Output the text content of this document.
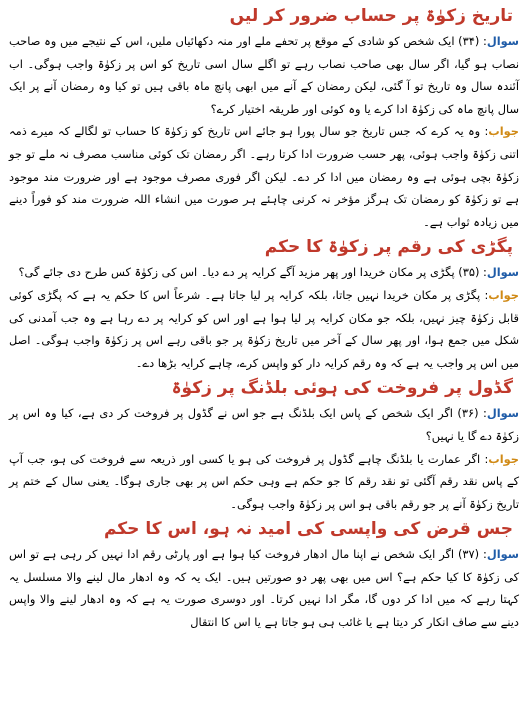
تاریخ زکوٰۃ پر حساب ضرور کر لیں

سوال: (۳۴) ایک شخص کو شادی کے موقع پر تحفے ملے اور منہ دکھائیاں ملیں، اس کے نتیجے میں وہ صاحب نصاب ہو گیا، اگر سال بھی صاحب نصاب رہے تو اگلے سال اسی تاریخ کو اس پر زکوٰۃ واجب ہوگی۔ اب آئندہ سال وہ تاریخ تو آ گئی، لیکن رمضان کے آنے میں ابھی پانچ ماہ باقی ہیں تو کیا وہ رمضان آنے پر ایک سال پانچ ماہ کی زکوٰۃ ادا کرے یا وہ کوئی اور طریقہ اختیار کرے؟

جواب: وہ یہ کرے کہ جس تاریخ جو سال پورا ہو جائے اس تاریخ کو زکوٰۃ کا حساب تو لگالے کہ میرے ذمہ اتنی زکوٰۃ واجب ہوئی، پھر حسب ضرورت ادا کرتا رہے۔ اگر رمضان تک کوئی مناسب مصرف نہ ملے تو جو زکوٰۃ بچی ہوئی ہے وہ رمضان میں ادا کر دے۔ لیکن اگر فوری مصرف موجود ہے اور ضرورت مند موجود ہے تو زکوٰۃ کو رمضان تک ہرگز مؤخر نہ کرنی چاہئے ہر صورت میں انشاء اللہ ضرورت مند کو فوراً دینے میں زیادہ ثواب ہے۔

پگڑی کی رقم پر زکوٰۃ کا حکم

سوال: (۳۵) پگڑی پر مکان خریدا اور پھر مزید آگے کرایہ پر دے دیا۔ اس کی زکوٰۃ کس طرح دی جائے گی؟

جواب: پگڑی پر مکان خریدا نہیں جاتا، بلکہ کرایہ پر لیا جاتا ہے۔ شرعاً اس کا حکم یہ ہے کہ پگڑی کوئی قابل زکوٰۃ چیز نہیں، بلکہ جو مکان کرایہ پر لیا ہوا ہے اور اس کو کرایہ پر دے رہا ہے وہ جب آمدنی کی شکل میں جمع ہوا، اور پھر سال کے آخر میں تاریخ زکوٰۃ پر جو باقی رہے اس پر زکوٰۃ واجب ہوگی۔ اصل میں اس پر واجب یہ ہے کہ وہ رقم کرایہ دار کو واپس کرے، چاہے کرایہ بڑھا دے۔

گڈول پر فروخت کی ہوئی بلڈنگ پر زکوٰۃ

سوال: (۳۶) اگر ایک شخص کے پاس ایک بلڈنگ ہے جو اس نے گڈول پر فروخت کر دی ہے، کیا وہ اس پر زکوٰۃ دے گا یا نہیں؟

جواب: اگر عمارت یا بلڈنگ چاہے گڈول پر فروخت کی ہو یا کسی اور ذریعہ سے فروخت کی ہو، جب آپ کے پاس نقد رقم آگئی تو نقد رقم کا جو حکم ہے وہی حکم اس پر بھی جاری ہوگا۔ یعنی سال کے ختم پر تاریخ زکوٰۃ آنے پر جو رقم باقی ہو اس پر زکوٰۃ واجب ہوگی۔

جس قرض کی واپسی کی امید نہ ہو، اس کا حکم

سوال: (۳۷) اگر ایک شخص نے اپنا مال ادھار فروخت کیا ہوا ہے اور پارٹی رقم ادا نہیں کر رہی ہے تو اس کی زکوٰۃ کا کیا حکم ہے؟ اس میں بھی پھر دو صورتیں ہیں۔ ایک یہ کہ وہ ادھار مال لینے والا مسلسل یہ کہتا رہے کہ میں ادا کر دوں گا، مگر ادا نہیں کرتا۔ اور دوسری صورت یہ ہے کہ وہ ادھار لینے والا واپس دینے سے صاف انکار کر دیتا ہے یا غائب ہی ہو جاتا ہے یا اس کا انتقال
